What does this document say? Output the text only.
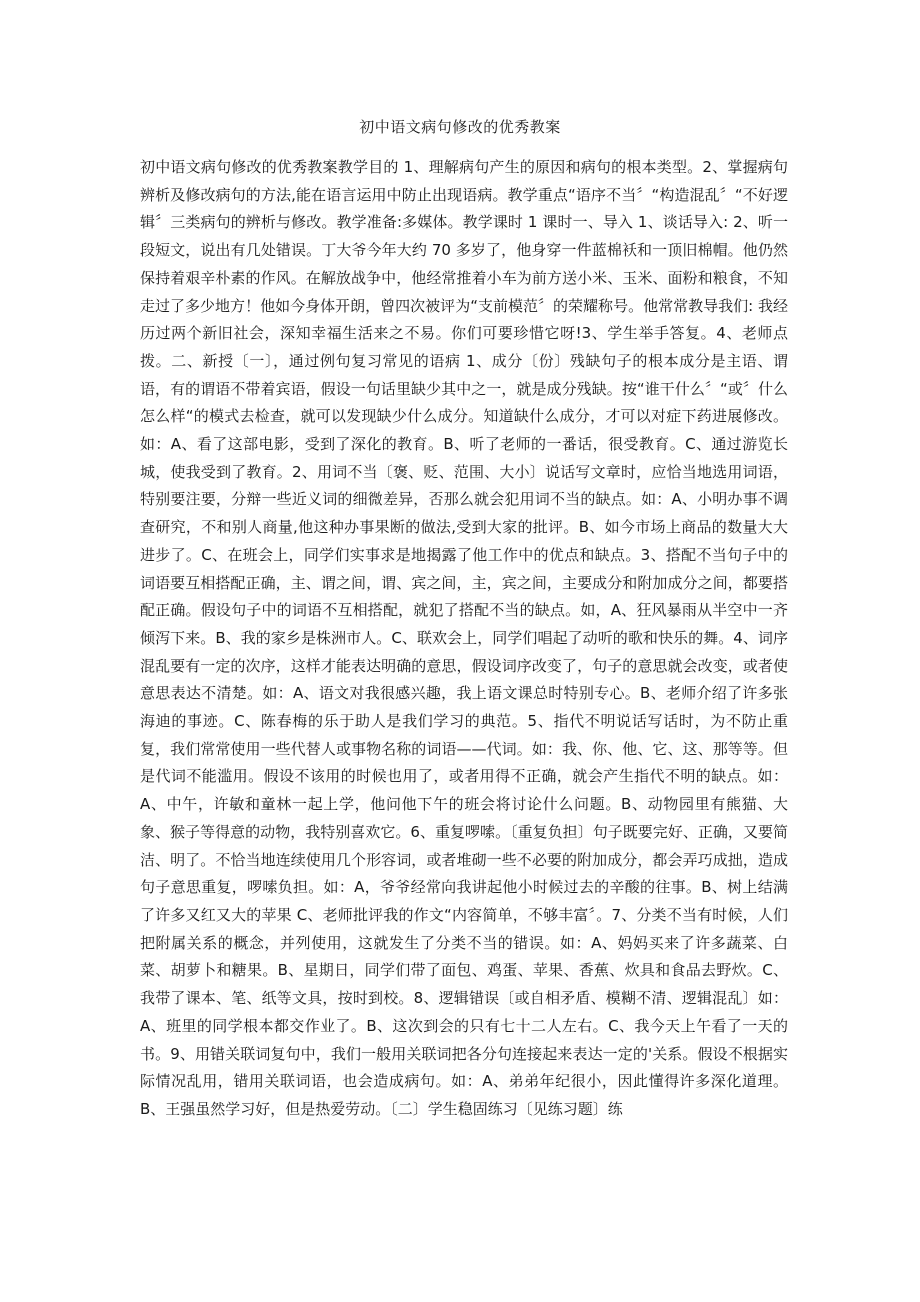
初中语文病句修改的优秀教案
初中语文病句修改的优秀教案教学目的 1、理解病句产生的原因和病句的根本类型。2、掌握病句辨析及修改病句的方法,能在语言运用中防止出现语病。教学重点“语序不当〞“构造混乱〞“不好逻辑〞三类病句的辨析与修改。教学准备:多媒体。教学课时 1 课时一、导入 1、谈话导入: 2、听一段短文，说出有几处错误。丁大爷今年大约 70 多岁了，他身穿一件蓝棉袄和一顶旧棉帽。他仍然保持着艰辛朴素的作风。在解放战争中，他经常推着小车为前方送小米、玉米、面粉和粮食，不知走过了多少地方！他如今身体开朗，曾四次被评为“支前模范〞的荣耀称号。他常常教导我们: 我经历过两个新旧社会，深知幸福生活来之不易。你们可要珍惜它呀!3、学生举手答复。4、老师点拨。二、新授〔一〕，通过例句复习常见的语病 1、成分〔份〕残缺句子的根本成分是主语、谓语，有的谓语不带着宾语，假设一句话里缺少其中之一，就是成分残缺。按“谁干什么〞“或〞什么怎么样“的模式去检查，就可以发现缺少什么成分。知道缺什么成分，才可以对症下药进展修改。如：A、看了这部电影，受到了深化的教育。B、听了老师的一番话，很受教育。C、通过游览长城，使我受到了教育。2、用词不当〔褒、贬、范围、大小〕说话写文章时，应恰当地选用词语，特别要注要，分辩一些近义词的细微差异，否那么就会犯用词不当的缺点。如：A、小明办事不调查研究，不和别人商量,他这种办事果断的做法,受到大家的批评。B、如今市场上商品的数量大大进步了。C、在班会上，同学们实事求是地揭露了他工作中的优点和缺点。3、搭配不当句子中的词语要互相搭配正确，主、谓之间，谓、宾之间，主，宾之间，主要成分和附加成分之间，都要搭配正确。假设句子中的词语不互相搭配，就犯了搭配不当的缺点。如，A、狂风暴雨从半空中一齐倾泻下来。B、我的家乡是株洲市人。C、联欢会上，同学们唱起了动听的歌和快乐的舞。4、词序混乱要有一定的次序，这样才能表达明确的意思，假设词序改变了，句子的意思就会改变，或者使意思表达不清楚。如：A、语文对我很感兴趣，我上语文课总时特别专心。B、老师介绍了许多张海迪的事迹。C、陈春梅的乐于助人是我们学习的典范。5、指代不明说话写话时，为不防止重复，我们常常使用一些代替人或事物名称的词语——代词。如：我、你、他、它、这、那等等。但是代词不能滥用。假设不该用的时候也用了，或者用得不正确，就会产生指代不明的缺点。如：A、中午，许敏和童林一起上学，他问他下午的班会将讨论什么问题。B、动物园里有熊猫、大象、猴子等得意的动物，我特别喜欢它。6、重复啰嗦。〔重复负担〕句子既要完好、正确，又要简洁、明了。不恰当地连续使用几个形容词，或者堆砌一些不必要的附加成分，都会弄巧成拙，造成句子意思重复，啰嗦负担。如：A，爷爷经常向我讲起他小时候过去的辛酸的往事。B、树上结满了许多又红又大的苹果 C、老师批评我的作文“内容简单，不够丰富〞。7、分类不当有时候，人们把附属关系的概念，并列使用，这就发生了分类不当的错误。如：A、妈妈买来了许多蔬菜、白菜、胡萝卜和糖果。B、星期日，同学们带了面包、鸡蛋、苹果、香蕉、炊具和食品去野炊。C、我带了课本、笔、纸等文具，按时到校。8、逻辑错误〔或自相矛盾、模糊不清、逻辑混乱〕如：A、班里的同学根本都交作业了。B、这次到会的只有七十二人左右。C、我今天上午看了一天的书。9、用错关联词复句中，我们一般用关联词把各分句连接起来表达一定的'关系。假设不根据实际情况乱用，错用关联词语，也会造成病句。如：A、弟弟年纪很小，因此懂得许多深化道理。B、王强虽然学习好，但是热爱劳动。〔二〕学生稳固练习〔见练习题〕练
